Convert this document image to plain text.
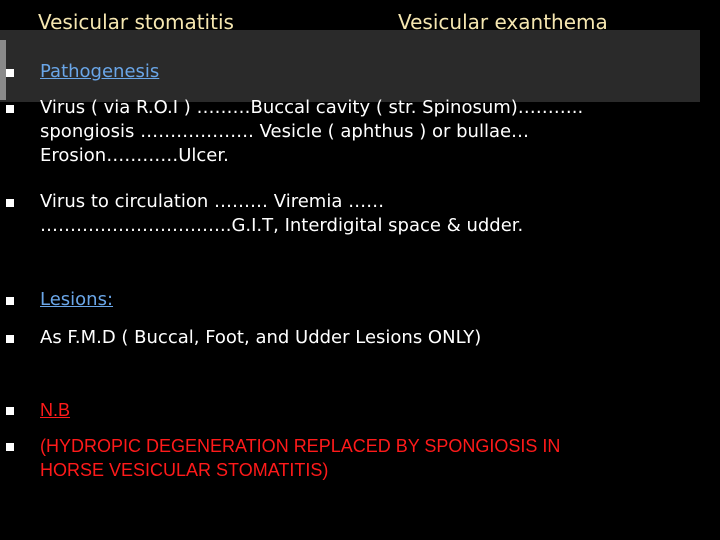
Vesicular stomatitis	Vesicular exanthema
Pathogenesis
Virus ( via R.O.I ) ………Buccal cavity ( str. Spinosum)………..
spongiosis ………………. Vesicle ( aphthus ) or bullae…
Erosion…………Ulcer.
Virus to circulation ……… Viremia ……
…………………………..G.I.T, Interdigital space & udder.
Lesions:
As F.M.D ( Buccal, Foot, and Udder Lesions ONLY)
N.B
(HYDROPIC DEGENERATION REPLACED BY SPONGIOSIS IN
HORSE VESICULAR STOMATITIS)
